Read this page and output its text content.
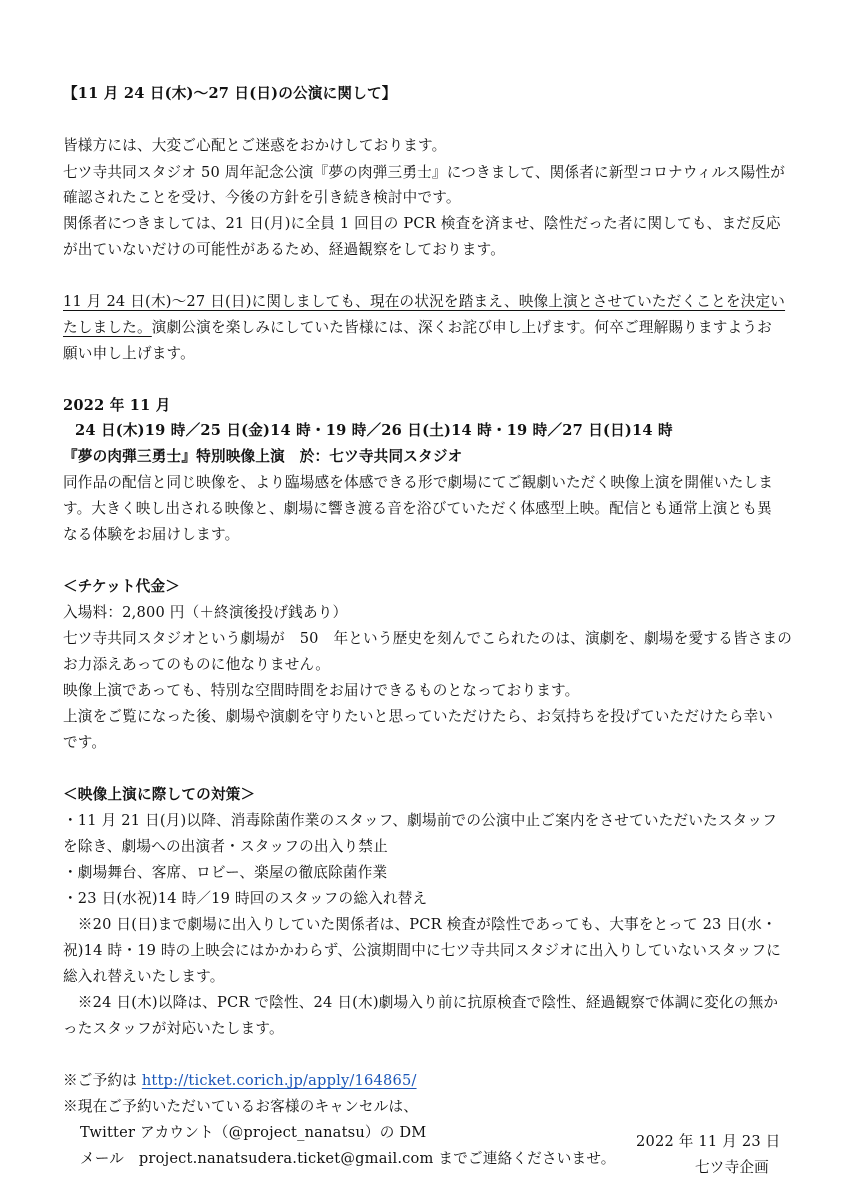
【11 月 24 日(木)〜27 日(日)の公演に関して】
皆様方には、大変ご心配とご迷惑をおかけしております。
七ツ寺共同スタジオ 50 周年記念公演『夢の肉弾三勇士』につきまして、関係者に新型コロナウィルス陽性が
確認されたことを受け、今後の方針を引き続き検討中です。
関係者につきましては、21 日(月)に全員 1 回目の PCR 検査を済ませ、陰性だった者に関しても、まだ反応
が出ていないだけの可能性があるため、経過観察をしております。
11 月 24 日(木)〜27 日(日)に関しましても、現在の状況を踏まえ、映像上演とさせていただくことを決定い
たしました。演劇公演を楽しみにしていた皆様には、深くお詫び申し上げます。何卒ご理解賜りますようお
願い申し上げます。
2022 年 11 月
24 日(木)19 時／25 日(金)14 時・19 時／26 日(土)14 時・19 時／27 日(日)14 時
『夢の肉弾三勇士』特別映像上演　於：七ツ寺共同スタジオ
同作品の配信と同じ映像を、より臨場感を体感できる形で劇場にてご観劇いただく映像上演を開催いたしま
す。大きく映し出される映像と、劇場に響き渡る音を浴びていただく体感型上映。配信とも通常上演とも異
なる体験をお届けします。
＜チケット代金＞
入場料：2,800 円（＋終演後投げ銭あり）
七ツ寺共同スタジオという劇場が　50　年という歴史を刻んでこられたのは、演劇を、劇場を愛する皆さまの
お力添えあってのものに他なりません。
映像上演であっても、特別な空間時間をお届けできるものとなっております。
上演をご覧になった後、劇場や演劇を守りたいと思っていただけたら、お気持ちを投げていただけたら幸い
です。
＜映像上演に際しての対策＞
・11 月 21 日(月)以降、消毒除菌作業のスタッフ、劇場前での公演中止ご案内をさせていただいたスタッフ
を除き、劇場への出演者・スタッフの出入り禁止
・劇場舞台、客席、ロビー、楽屋の徹底除菌作業
・23 日(水祝)14 時／19 時回のスタッフの総入れ替え
　※20 日(日)まで劇場に出入りしていた関係者は、PCR 検査が陰性であっても、大事をとって 23 日(水・
祝)14 時・19 時の上映会にはかかわらず、公演期間中に七ツ寺共同スタジオに出入りしていないスタッフに
総入れ替えいたします。
　※24 日(木)以降は、PCR で陰性、24 日(木)劇場入り前に抗原検査で陰性、経過観察で体調に変化の無か
ったスタッフが対応いたします。
※ご予約は http://ticket.corich.jp/apply/164865/
※現在ご予約いただいているお客様のキャンセルは、
Twitter アカウント（@project_nanatsu）の DM
メール　project.nanatsudera.ticket@gmail.com までご連絡くださいませ。
2022 年 11 月 23 日
七ツ寺企画
